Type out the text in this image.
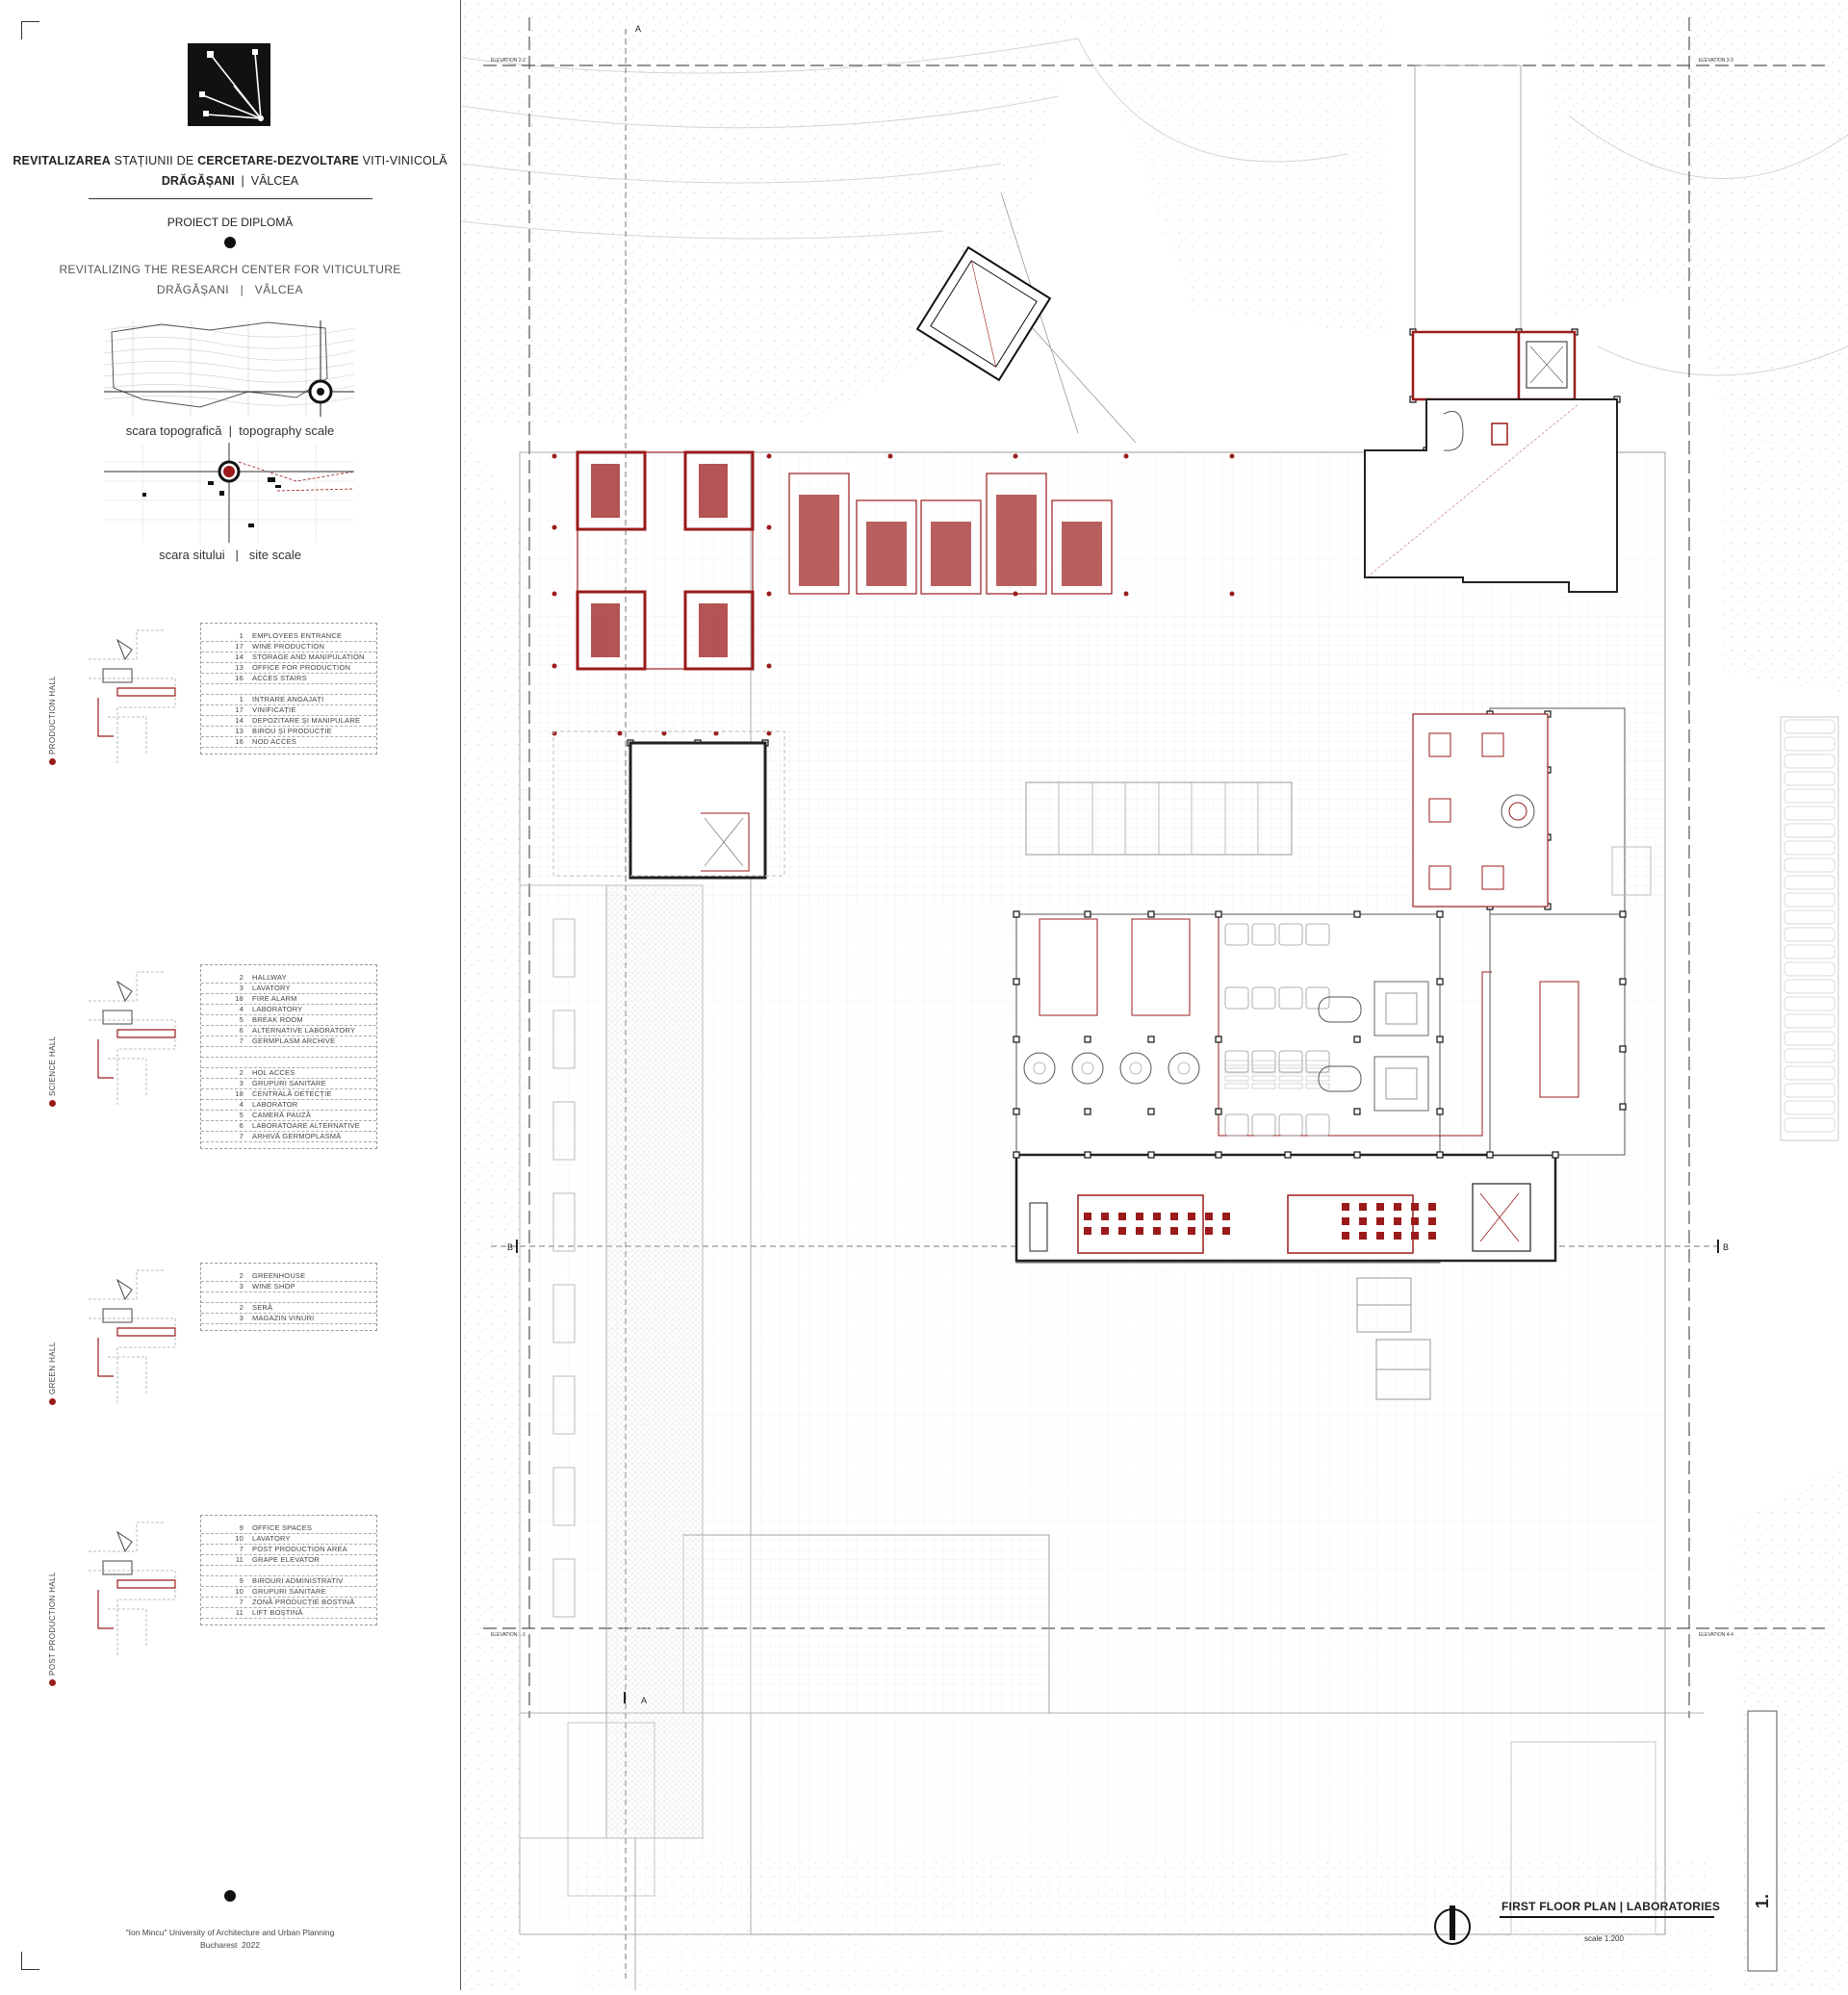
REVITALIZAREA STAȚIUNII DE CERCETARE-DEZVOLTARE VITI-VINICOLĂ
DRĂGĂȘANI  |  VÂLCEA
PROIECT DE DIPLOMĂ
REVITALIZING THE RESEARCH CENTER FOR VITICULTURE
DRĂGĂȘANI   |   VÂLCEA
scara topografică  |  topography scale
scara sitului   |   site scale
PRODUCTION HALL
1 EMPLOYEES ENTRANCE
17 WINE PRODUCTION
14 STORAGE AND MANIPULATION
13 OFFICE FOR PRODUCTION
16 ACCES STAIRS
1 INTRARE ANGAJAȚI
17 VINIFICAȚIE
14 DEPOZITARE ȘI MANIPULARE
13 BIROU ȘI PRODUCȚIE
16 NOD ACCES
SCIENCE HALL
2 HALLWAY
3 LAVATORY
18 FIRE ALARM
4 LABORATORY
5 BREAK ROOM
6 ALTERNATIVE LABORATORY
7 GERMPLASM ARCHIVE
2 HOL ACCES
3 GRUPURI SANITARE
18 CENTRALĂ DETECȚIE
4 LABORATOR
5 CAMERĂ PAUZĂ
6 LABORATOARE ALTERNATIVE
7 ARHIVĂ GERMOPLASMĂ
GREEN HALL
2 GREENHOUSE
3 WINE SHOP
2 SERĂ
3 MAGAZIN VINURI
POST PRODUCTION HALL
9 OFFICE SPACES
10 LAVATORY
7 POST PRODUCTION AREA
11 GRAPE ELEVATOR
9 BIROURI ADMINISTRATIV
10 GRUPURI SANITARE
7 ZONĂ PRODUCȚIE BOȘTINĂ
11 LIFT BOȘTINĂ
"Ion Mincu" University of Architecture and Urban Planning
Bucharest  2022
ELEVATION 2-2	ELEVATION 3-3
ELEVATION 1-1	ELEVATION 4-4
A
A
B	B
FIRST FLOOR PLAN | LABORATORIES
scale 1:200
1.
